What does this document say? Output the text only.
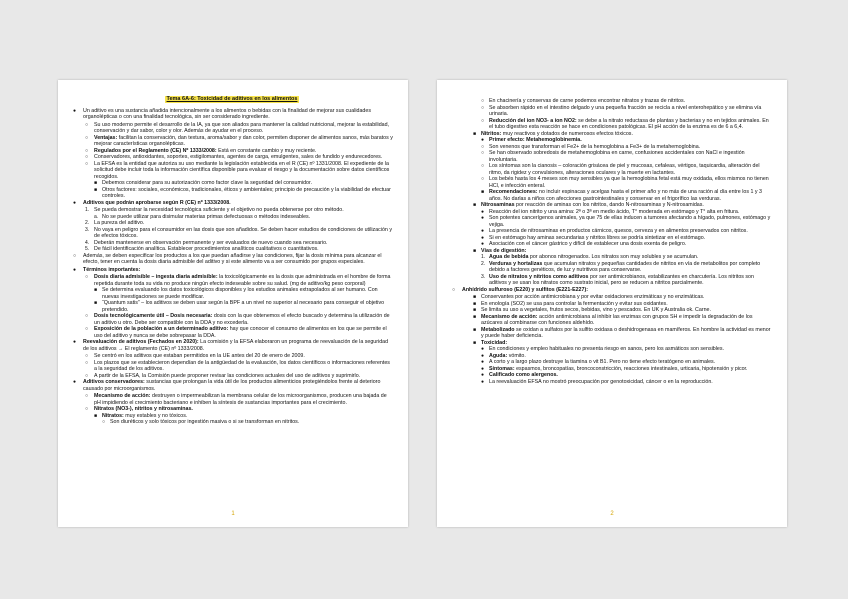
Tema 6A-6: Toxicidad de aditivos en los alimentos
● Un aditivo es una sustancia añadida intencionalmente a los alimentos o bebidas con la finalidad de mejorar sus cualidades organolépticas o con una finalidad tecnológica, sin ser considerado ingrediente.
○ Su uso moderno permite el desarrollo de la IA, ya que son aliados para mantener la calidad nutricional, mejorar la estabilidad, conservación y dar sabor, color y olor. Además de ayudar en el proceso.
○ Ventajas: facilitan la conservación, dan textura, aroma/sabor y dan color, permiten disponer de alimentos sanos, más baratos y mejorar características organolépticas.
○ Regulados por el Reglamento (CE) Nº 1333/2008: Está en constante cambio y muy reciente.
○ Conservadores, antioxidantes, soportes, estigilomantes, agentes de carga, emulgentes, sales de fundido y endurecedores.
○ La EFSA es la entidad que autoriza su uso mediante la legislación establecida en el R (CE) nº 1331/2008. El expediente de la solicitud debe incluir toda la información científica disponible para evaluar el riesgo y la documentación sobre datos científicos recogidos.
■ Debemos considerar para su autorización como factor clave la seguridad del consumidor.
■ Otros factores: sociales, económicos, tradicionales, éticos y ambientales; principio de precaución y la viabilidad de efectuar controles.
● Aditivos que podrán aprobarse según R (CE) nº 1333/2008.
1. Se pueda demostrar la necesidad tecnológica suficiente y el objetivo no pueda obtenerse por otro método.
a. No se puede utilizar para disimular materias primas defectuosas o métodos indeseables.
2. La pureza del aditivo.
3. No vaya en peligro para el consumidor en las dosis que son añadidos. Se deben hacer estudios de condiciones de utilización y de efectos tóxicos.
4. Deberán mantenerse en observación permanente y ser evaluados de nuevo cuando sea necesario.
5. De fácil identificación analítica. Establecer procedimientos analíticos cualitativos o cuantitativos.
○ Además, se deben especificar los productos a los que puedan añadirse y las condiciones, fijar la dosis mínima para alcanzar el efecto, tener en cuenta la dosis diaria admisible del aditivo y si este alimento va a ser consumido por grupos especiales.
● Términos importantes:
○ Dosis diaria admisible – ingesta diaria admisible: la toxicológicamente es la dosis que administrada en el hombre de forma repetida durante toda su vida no produce ningún efecto indeseable sobre su salud. (mg de aditivo/kg peso corporal)
■ Se determina evaluando los datos toxicológicos disponibles y los estudios animales extrapolados al ser humano. Con nuevas investigaciones se puede modificar.
■ “Quantum satis” – los aditivos se deben usar según la BPF a un nivel no superior al necesario para conseguir el objetivo pretendido.
○ Dosis tecnológicamente útil – Dosis necesaria: dosis con la que obtenemos el efecto buscado y determina la utilización de un aditivo u otro. Debe ser compatible con la DDA y no excederla.
○ Exposición de la población a un determinado aditivo: hay que conocer el consumo de alimentos en los que se permite el uso del aditivo y nunca se debe sobrepasar la DDA.
● Reevaluación de aditivos (Fechados en 2020): La comisión y la EFSA elaboraron un programa de reevaluación de la seguridad de los aditivos → El reglamento (CE) nº 1333/2008.
○ Se centró en los aditivos que estaban permitidos en la UE antes del 20 de enero de 2009.
○ Los plazos que se establecieron dependían de la antigüedad de la evaluación, los datos científicos o informaciones referentes a la seguridad de los aditivos.
○ A partir de la EFSA, la Comisión puede proponer revisar las condiciones actuales del uso de aditivos y suprimirlo.
● Aditivos conservadores: sustancias que prolongan la vida útil de los productos alimenticios protegiéndolos frente al deterioro causado por microorganismos.
○ Mecanismo de acción: destruyen o impermeabilizan la membrana celular de los microorganismos, producen una bajada de pH impidiendo el crecimiento bacteriano e inhiben la síntesis de sustancias importantes para el crecimiento.
○ Nitratos (NO3-), nitritos y nitrosaminas.
■ Nitratos: muy estables y no tóxicos.
○ Son diuréticos y solo tóxicos por ingestión masiva o si se transforman en nitritos.
1
○ En chacinería y conservas de carne podemos encontrar nitratos y trazas de nitritos.
○ Se absorben rápido en el intestino delgado y una pequeña fracción se recicla a nivel enterohepático y se elimina vía urinaria.
○ Reducción del ion NO3- a ion NO2: se debe a la nitrato reductasa de plantas y bacterias y no en tejidos animales. En el tubo digestivo esta reacción se hace en condiciones patológicas. El pH acción de la enzima es de 6 a 6,4.
■ Nitritos: muy reactivos y dotados de numerosos efectos tóxicos.
● Primer efecto: Metahemoglobinemia.
○ Son venenos que transforman el Fe2+ de la hemoglobina a Fe3+ de la metahemoglobina.
○ Se han observado sobredosis de metahemoglobina en carne, confusiones accidentales con NaCl e ingestión involuntaria.
○ Los síntomas son la cianosis – coloración grisácea de piel y mucosas, cefaleas, vértigos, taquicardia, alteración del ritmo, da rigidez y convulsiones, alteraciones oculares y la muerte en lactantes.
○ Los bebés hasta los 4 meses son muy sensibles ya que la hemoglobina fetal está muy oxidada, ellos mismos no tienen HCl, e infección enteral.
■ Recomendaciones: no incluir espinacas y acelgas hasta el primer año y no más de una ración al día entre los 1 y 3 años. No darlas a niños con afecciones gastrointestinales y conservar en el frigorífico las verduras.
■ Nitrosaminas por reacción de aminas con los nitritos, dando N-nitrosaminas y N-nitrosamidas.
● Reacción del ion nitrito y una amina: 2ª o 3ª en medio ácido, T° moderada en estómago y T° alta en fritura.
● Son potentes cancerígenos animales, ya que 75 de ellas inducen a tumores afectando a hígado, pulmones, estómago y vejiga.
● La presencia de nitrosaminas en productos cárnicos, quesos, cerveza y en alimentos preservados con nitritos.
● Si en estómago hay aminas secundarias y nitritos libres se podría sintetizar en el estómago.
● Asociación con el cáncer gástrico y difícil de establecer una dosis exenta de peligro.
■ Vías de digestión:
1. Agua de bebida por abonos nitrogenados. Los nitratos son muy solubles y se acumulan.
2. Verduras y hortalizas que acumulan nitratos y pequeñas cantidades de nitritos en vía de metabolitos por completo debido a factores genéticos, de luz y nutritivos para conservarse.
3. Uso de nitratos y nitritos como aditivos por ser antimicrobianos, estabilizantes en charcutería. Los nitritos son aditivos y se usan los nitratos como sustrato inicial, pero se reducen a nitritos parcialmente.
○ Anhídrido sulfuroso (E220) y sulfitos (E221-E227):
■ Conservantes por acción antimicrobiana y por evitar oxidaciones enzimáticas y no enzimáticas.
■ En enología (SO2) se usa para controlar la fermentación y evitar sus oxidantes.
■ Se limita su uso a vegetales, frutos secos, bebidas, vino y pescados. En UK y Australia ok. Carne.
■ Mecanismo de acción: acción antimicrobiana al inhibir las enzimas con grupos SH e impedir la degradación de los azúcares al combinarse con funciones aldehído.
■ Metabolizado se oxidan a sulfatos por la sulfito oxidasa o deshidrogenasa en mamíferos. En hombre la actividad es menor y puede haber deficiencia.
■ Toxicidad:
● En condiciones y empleo habituales no presenta riesgo en sanos, pero los asmáticos son sensibles.
● Aguda: vómito.
● A corto y a largo plazo destruye la tiamina o vit B1. Pero no tiene efecto teratógeno en animales.
● Síntomas: espasmos, broncopatías, broncoconstricción, reacciones intestinales, urticaria, hipotensión y picor.
● Calificado como alergenos.
● La reevaluación EFSA no mostró preocupación por genotoxicidad, cáncer o en la reproducción.
2
